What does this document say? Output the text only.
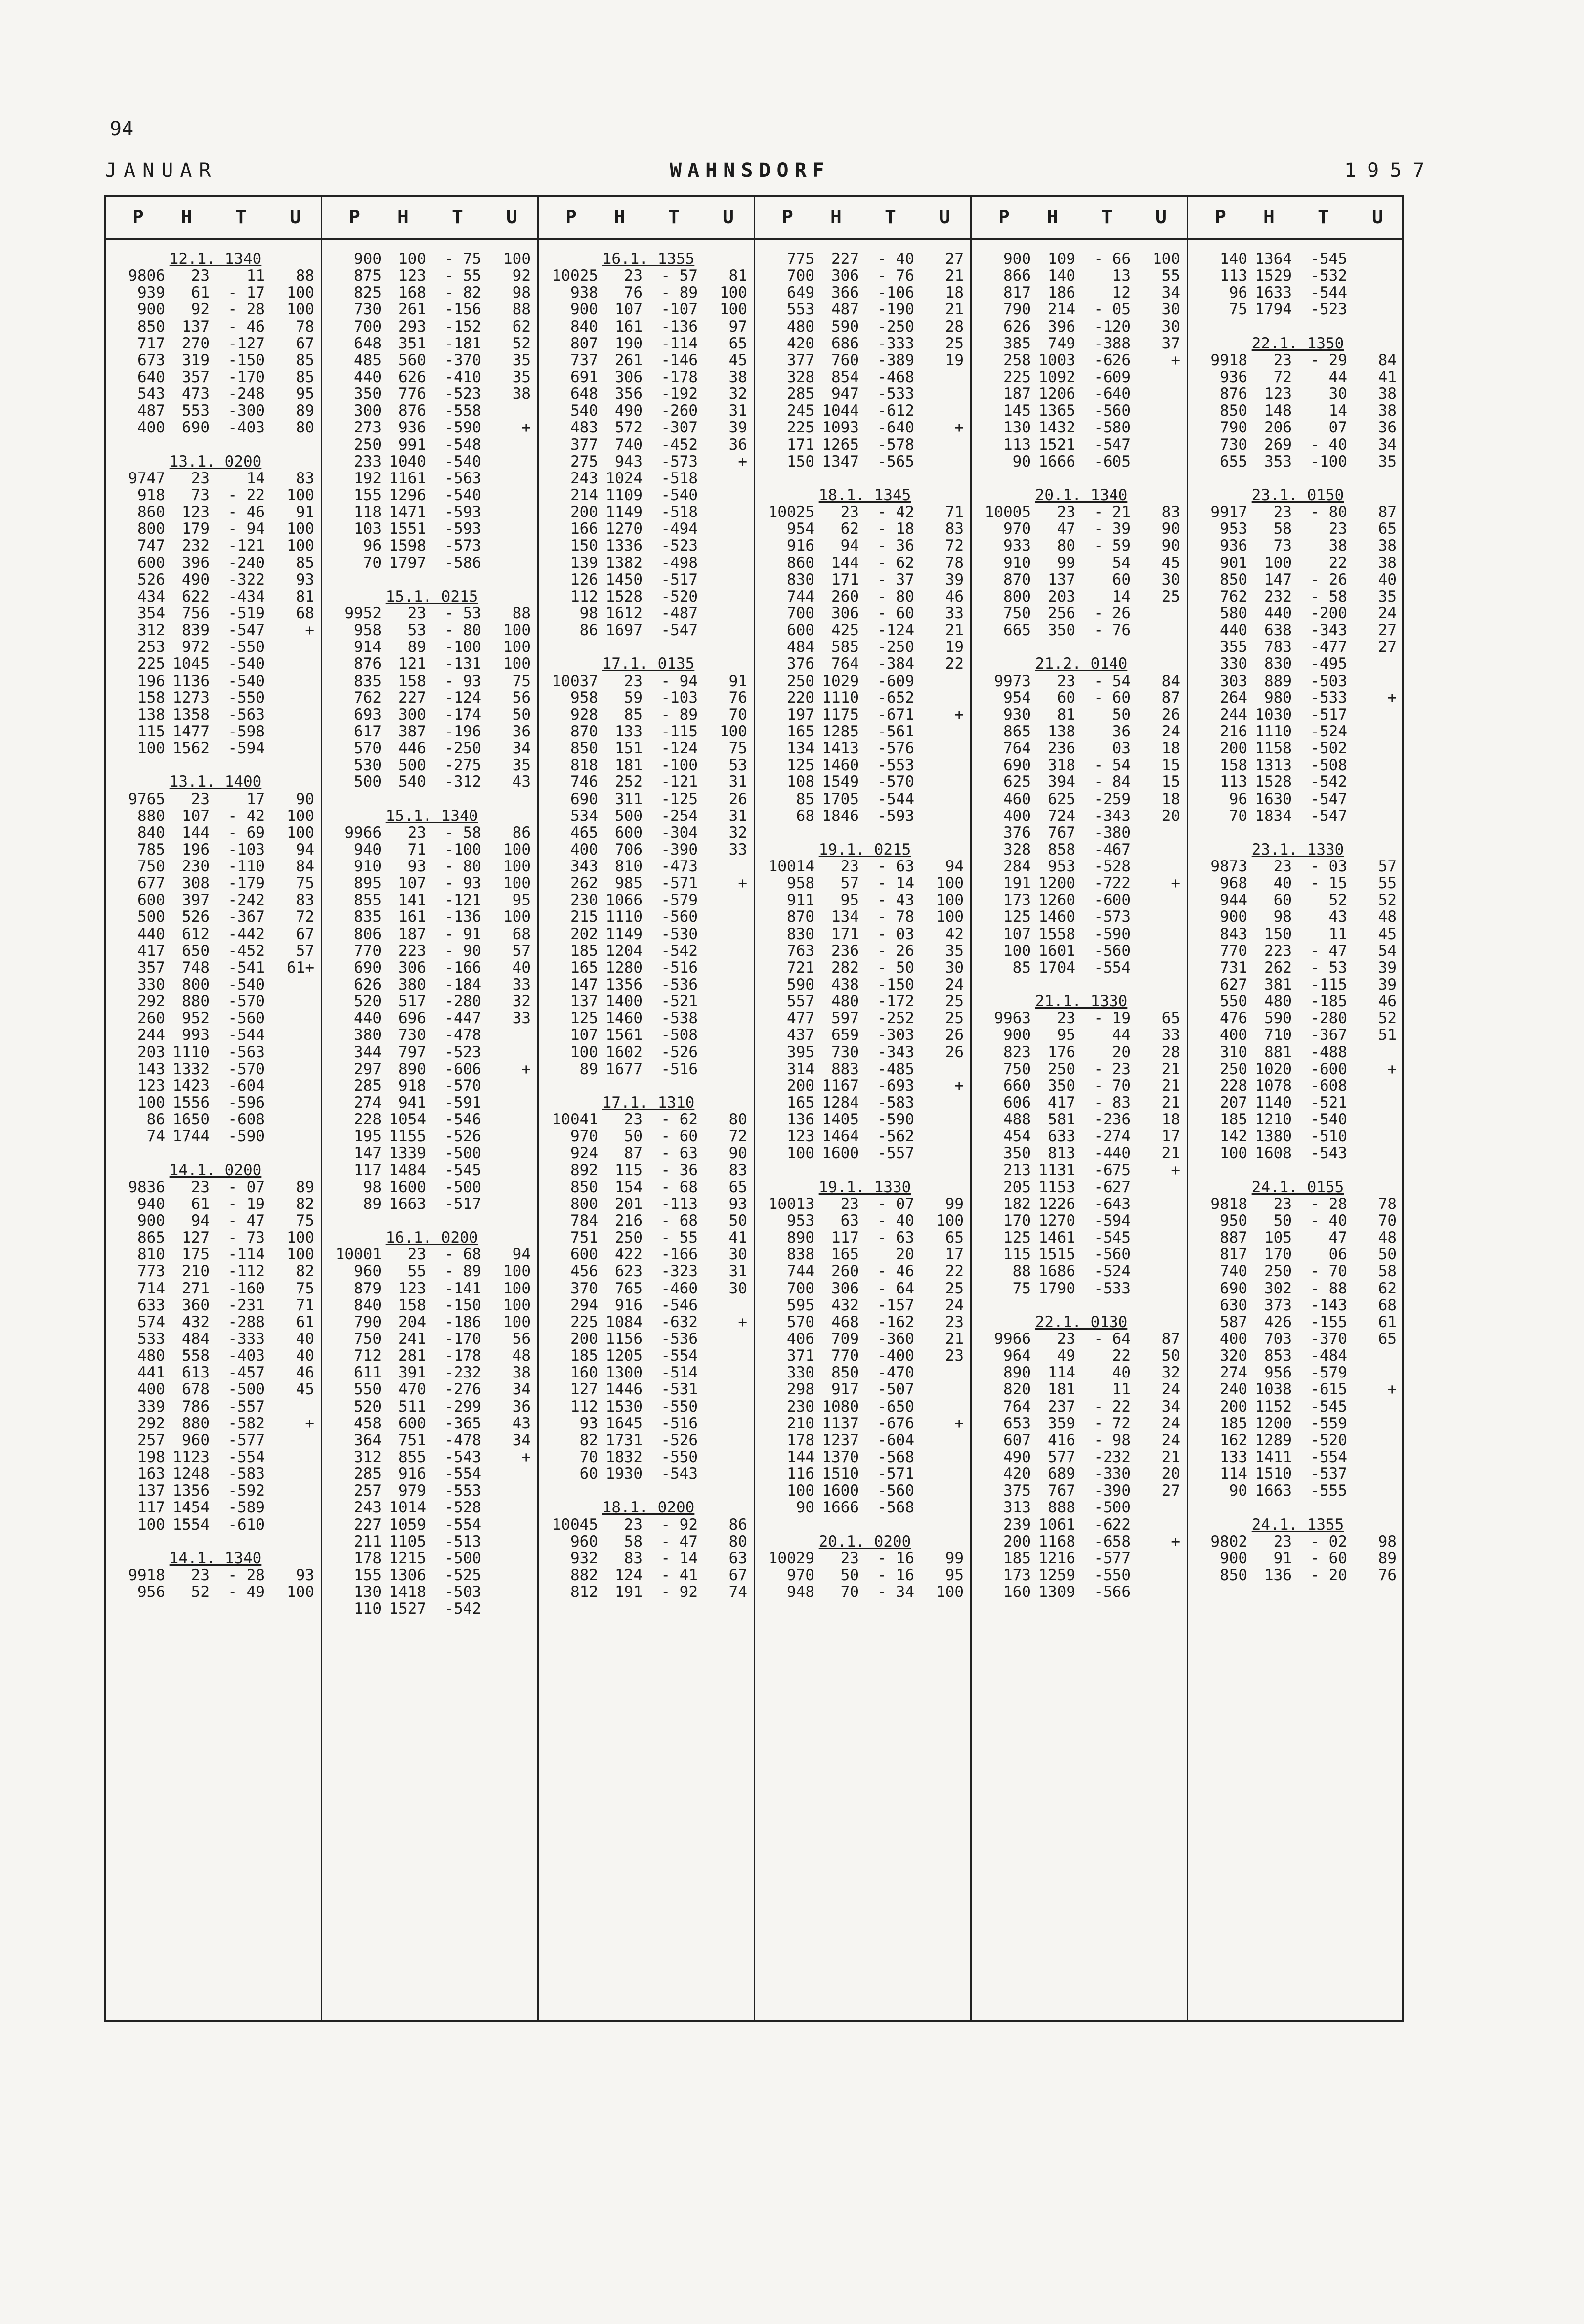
94
JANUAR	WAHNSDORF	1957
P H T U	P H T U	P H T U	P H T U	P H T U	P H T U
12.1. 1340
9806 23 11 88
939 61 - 17 100
900 92 - 28 100
850 137 - 46 78
717 270 -127 67
673 319 -150 85
640 357 -170 85
543 473 -248 95
487 553 -300 89
400 690 -403 80
13.1. 0200
9747 23 14 83
918 73 - 22 100
860 123 - 46 91
800 179 - 94 100
747 232 -121 100
600 396 -240 85
526 490 -322 93
434 622 -434 81
354 756 -519 68
312 839 -547	+
253 972 -550
225 1045 -540
196 1136 -540
158 1273 -550
138 1358 -563
115 1477 -598
100 1562 -594
13.1. 1400
9765 23 17 90
880 107 - 42 100
840 144 - 69 100
785 196 -103 94
750 230 -110 84
677 308 -179 75
600 397 -242 83
500 526 -367 72
440 612 -442 67
417 650 -452 57
357 748 -541 61+
330 800 -540
292 880 -570
260 952 -560
244 993 -544
203 1110 -563
143 1332 -570
123 1423 -604
100 1556 -596
86 1650 -608
74 1744 -590
14.1. 0200
9836 23 - 07 89
940 61 - 19 82
900 94 - 47 75
865 127 - 73 100
810 175 -114 100
773 210 -112 82
714 271 -160 75
633 360 -231 71
574 432 -288 61
533 484 -333 40
480 558 -403 40
441 613 -457 46
400 678 -500 45
339 786 -557
292 880 -582	+
257 960 -577
198 1123 -554
163 1248 -583
137 1356 -592
117 1454 -589
100 1554 -610
14.1. 1340
9918 23 - 28 93
956 52 - 49 100
900 100 - 75 100
875 123 - 55 92
825 168 - 82 98
730 261 -156 88
700 293 -152 62
648 351 -181 52
485 560 -370 35
440 626 -410 35
350 776 -523 38
300 876 -558
273 936 -590	+
250 991 -548
233 1040 -540
192 1161 -563
155 1296 -540
118 1471 -593
103 1551 -593
96 1598 -573
70 1797 -586
15.1. 0215
9952 23 - 53 88
958 53 - 80 100
914 89 -100 100
876 121 -131 100
835 158 - 93 75
762 227 -124 56
693 300 -174 50
617 387 -196 36
570 446 -250 34
530 500 -275 35
500 540 -312 43
15.1. 1340
9966 23 - 58 86
940 71 -100 100
910 93 - 80 100
895 107 - 93 100
855 141 -121 95
835 161 -136 100
806 187 - 91 68
770 223 - 90 57
690 306 -166 40
626 380 -184 33
520 517 -280 32
440 696 -447 33
380 730 -478
344 797 -523
297 890 -606	+
285 918 -570
274 941 -591
228 1054 -546
195 1155 -526
147 1339 -500
117 1484 -545
98 1600 -500
89 1663 -517
16.1. 0200
10001 23 - 68 94
960 55 - 89 100
879 123 -141 100
840 158 -150 100
790 204 -186 100
750 241 -170 56
712 281 -178 48
611 391 -232 38
550 470 -276 34
520 511 -299 36
458 600 -365 43
364 751 -478 34
312 855 -543	+
285 916 -554
257 979 -553
243 1014 -528
227 1059 -554
211 1105 -513
178 1215 -500
155 1306 -525
130 1418 -503
110 1527 -542
16.1. 1355
10025 23 - 57 81
938 76 - 89 100
900 107 -107 100
840 161 -136 97
807 190 -114 65
737 261 -146 45
691 306 -178 38
648 356 -192 32
540 490 -260 31
483 572 -307 39
377 740 -452 36
275 943 -573	+
243 1024 -518
214 1109 -540
200 1149 -518
166 1270 -494
150 1336 -523
139 1382 -498
126 1450 -517
112 1528 -520
98 1612 -487
86 1697 -547
17.1. 0135
10037 23 - 94 91
958 59 -103 76
928 85 - 89 70
870 133 -115 100
850 151 -124 75
818 181 -100 53
746 252 -121 31
690 311 -125 26
534 500 -254 31
465 600 -304 32
400 706 -390 33
343 810 -473
262 985 -571	+
230 1066 -579
215 1110 -560
202 1149 -530
185 1204 -542
165 1280 -516
147 1356 -536
137 1400 -521
125 1460 -538
107 1561 -508
100 1602 -526
89 1677 -516
17.1. 1310
10041 23 - 62 80
970 50 - 60 72
924 87 - 63 90
892 115 - 36 83
850 154 - 68 65
800 201 -113 93
784 216 - 68 50
751 250 - 55 41
600 422 -166 30
456 623 -323 31
370 765 -460 30
294 916 -546
225 1084 -632	+
200 1156 -536
185 1205 -554
160 1300 -514
127 1446 -531
112 1530 -550
93 1645 -516
82 1731 -526
70 1832 -550
60 1930 -543
18.1. 0200
10045 23 - 92 86
960 58 - 47 80
932 83 - 14 63
882 124 - 41 67
812 191 - 92 74
775 227 - 40 27
700 306 - 76 21
649 366 -106 18
553 487 -190 21
480 590 -250 28
420 686 -333 25
377 760 -389 19
328 854 -468
285 947 -533
245 1044 -612
225 1093 -640	+
171 1265 -578
150 1347 -565
18.1. 1345
10025 23 - 42 71
954 62 - 18 83
916 94 - 36 72
860 144 - 62 78
830 171 - 37 39
744 260 - 80 46
700 306 - 60 33
600 425 -124 21
484 585 -250 19
376 764 -384 22
250 1029 -609
220 1110 -652
197 1175 -671	+
165 1285 -561
134 1413 -576
125 1460 -553
108 1549 -570
85 1705 -544
68 1846 -593
19.1. 0215
10014 23 - 63 94
958 57 - 14 100
911 95 - 43 100
870 134 - 78 100
830 171 - 03 42
763 236 - 26 35
721 282 - 50 30
590 438 -150 24
557 480 -172 25
477 597 -252 25
437 659 -303 26
395 730 -343 26
314 883 -485
200 1167 -693	+
165 1284 -583
136 1405 -590
123 1464 -562
100 1600 -557
19.1. 1330
10013 23 - 07 99
953 63 - 40 100
890 117 - 63 65
838 165 20 17
744 260 - 46 22
700 306 - 64 25
595 432 -157 24
570 468 -162 23
406 709 -360 21
371 770 -400 23
330 850 -470
298 917 -507
230 1080 -650
210 1137 -676	+
178 1237 -604
144 1370 -568
116 1510 -571
100 1600 -560
90 1666 -568
20.1. 0200
10029 23 - 16 99
970 50 - 16 95
948 70 - 34 100
900 109 - 66 100
866 140 13 55
817 186 12 34
790 214 - 05 30
626 396 -120 30
385 749 -388 37
258 1003 -626	+
225 1092 -609
187 1206 -640
145 1365 -560
130 1432 -580
113 1521 -547
90 1666 -605
20.1. 1340
10005 23 - 21 83
970 47 - 39 90
933 80 - 59 90
910 99 54 45
870 137 60 30
800 203 14 25
750 256 - 26
665 350 - 76
21.2. 0140
9973 23 - 54 84
954 60 - 60 87
930 81 50 26
865 138 36 24
764 236 03 18
690 318 - 54 15
625 394 - 84 15
460 625 -259 18
400 724 -343 20
376 767 -380
328 858 -467
284 953 -528
191 1200 -722	+
173 1260 -600
125 1460 -573
107 1558 -590
100 1601 -560
85 1704 -554
21.1. 1330
9963 23 - 19 65
900 95 44 33
823 176 20 28
750 250 - 23 21
660 350 - 70 21
606 417 - 83 21
488 581 -236 18
454 633 -274 17
350 813 -440 21
213 1131 -675	+
205 1153 -627
182 1226 -643
170 1270 -594
125 1461 -545
115 1515 -560
88 1686 -524
75 1790 -533
22.1. 0130
9966 23 - 64 87
964 49 22 50
890 114 40 32
820 181 11 24
764 237 - 22 34
653 359 - 72 24
607 416 - 98 24
490 577 -232 21
420 689 -330 20
375 767 -390 27
313 888 -500
239 1061 -622
200 1168 -658	+
185 1216 -577
173 1259 -550
160 1309 -566
140 1364 -545
113 1529 -532
96 1633 -544
75 1794 -523
22.1. 1350
9918 23 - 29 84
936 72 44 41
876 123 30 38
850 148 14 38
790 206 07 36
730 269 - 40 34
655 353 -100 35
23.1. 0150
9917 23 - 80 87
953 58 23 65
936 73 38 38
901 100 22 38
850 147 - 26 40
762 232 - 58 35
580 440 -200 24
440 638 -343 27
355 783 -477 27
330 830 -495
303 889 -503
264 980 -533	+
244 1030 -517
216 1110 -524
200 1158 -502
158 1313 -508
113 1528 -542
96 1630 -547
70 1834 -547
23.1. 1330
9873 23 - 03 57
968 40 - 15 55
944 60 52 52
900 98 43 48
843 150 11 45
770 223 - 47 54
731 262 - 53 39
627 381 -115 39
550 480 -185 46
476 590 -280 52
400 710 -367 51
310 881 -488
250 1020 -600	+
228 1078 -608
207 1140 -521
185 1210 -540
142 1380 -510
100 1608 -543
24.1. 0155
9818 23 - 28 78
950 50 - 40 70
887 105 47 48
817 170 06 50
740 250 - 70 58
690 302 - 88 62
630 373 -143 68
587 426 -155 61
400 703 -370 65
320 853 -484
274 956 -579
240 1038 -615	+
200 1152 -545
185 1200 -559
162 1289 -520
133 1411 -554
114 1510 -537
90 1663 -555
24.1. 1355
9802 23 - 02 98
900 91 - 60 89
850 136 - 20 76
